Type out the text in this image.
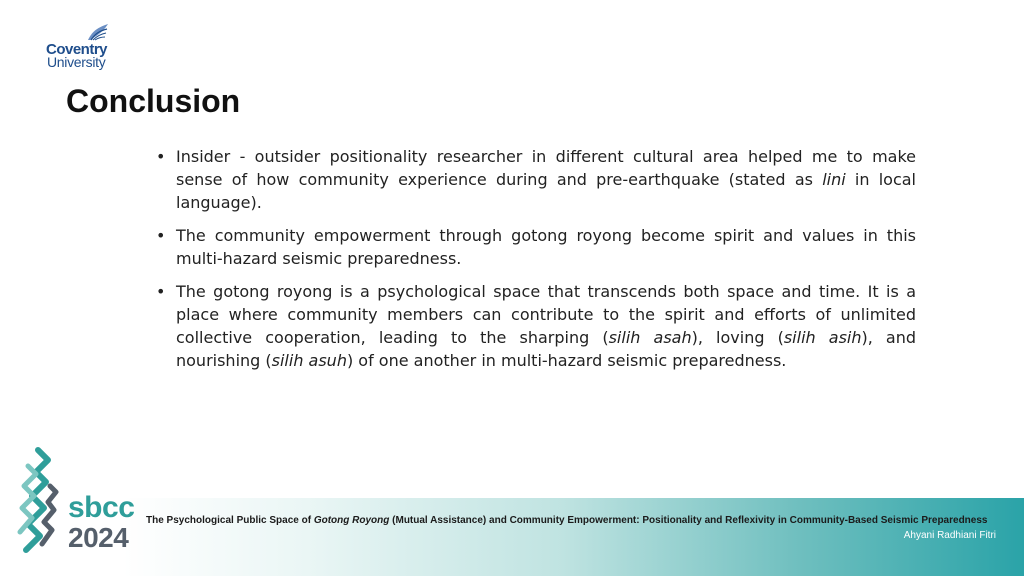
Coventry
University
Conclusion
• Insider - outsider positionality researcher in different cultural area helped me to make sense of how community experience during and pre-earthquake (stated as lini in local language).
• The community empowerment through gotong royong become spirit and values in this multi-hazard seismic preparedness.
• The gotong royong is a psychological space that transcends both space and time. It is a place where community members can contribute to the spirit and efforts of unlimited collective cooperation, leading to the sharping (silih asah), loving (silih asih), and nourishing (silih asuh) of one another in multi-hazard seismic preparedness.
sbcc
2024
The Psychological Public Space of Gotong Royong (Mutual Assistance) and Community Empowerment: Positionality and Reflexivity in Community-Based Seismic Preparedness
Ahyani Radhiani Fitri
